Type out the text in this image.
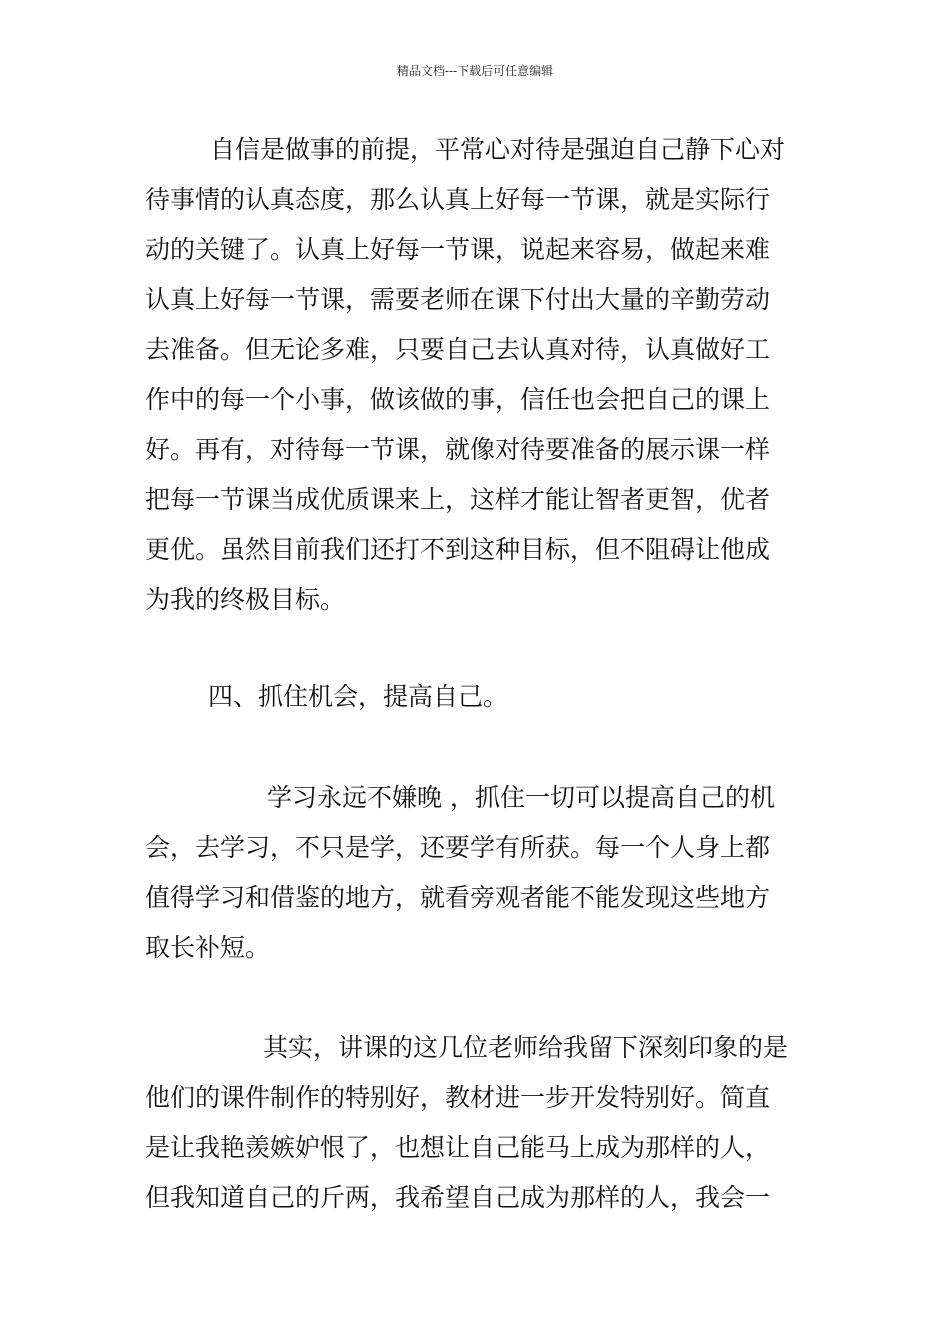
精品文档---下载后可任意编辑
自信是做事的前提，平常心对待是强迫自己静下心对
待事情的认真态度，那么认真上好每一节课，就是实际行
动的关键了。认真上好每一节课，说起来容易，做起来难
认真上好每一节课，需要老师在课下付出大量的辛勤劳动
去准备。但无论多难，只要自己去认真对待，认真做好工
作中的每一个小事，做该做的事，信任也会把自己的课上
好。再有，对待每一节课，就像对待要准备的展示课一样
把每一节课当成优质课来上，这样才能让智者更智，优者
更优。虽然目前我们还打不到这种目标，但不阻碍让他成
为我的终极目标。
四、抓住机会，提高自己。
学习永远不嫌晚 ，抓住一切可以提高自己的机
会，去学习，不只是学，还要学有所获。每一个人身上都
值得学习和借鉴的地方，就看旁观者能不能发现这些地方
取长补短。
其实，讲课的这几位老师给我留下深刻印象的是
他们的课件制作的特别好，教材进一步开发特别好。简直
是让我艳羡嫉妒恨了，也想让自己能马上成为那样的人，
但我知道自己的斤两，我希望自己成为那样的人，我会一
